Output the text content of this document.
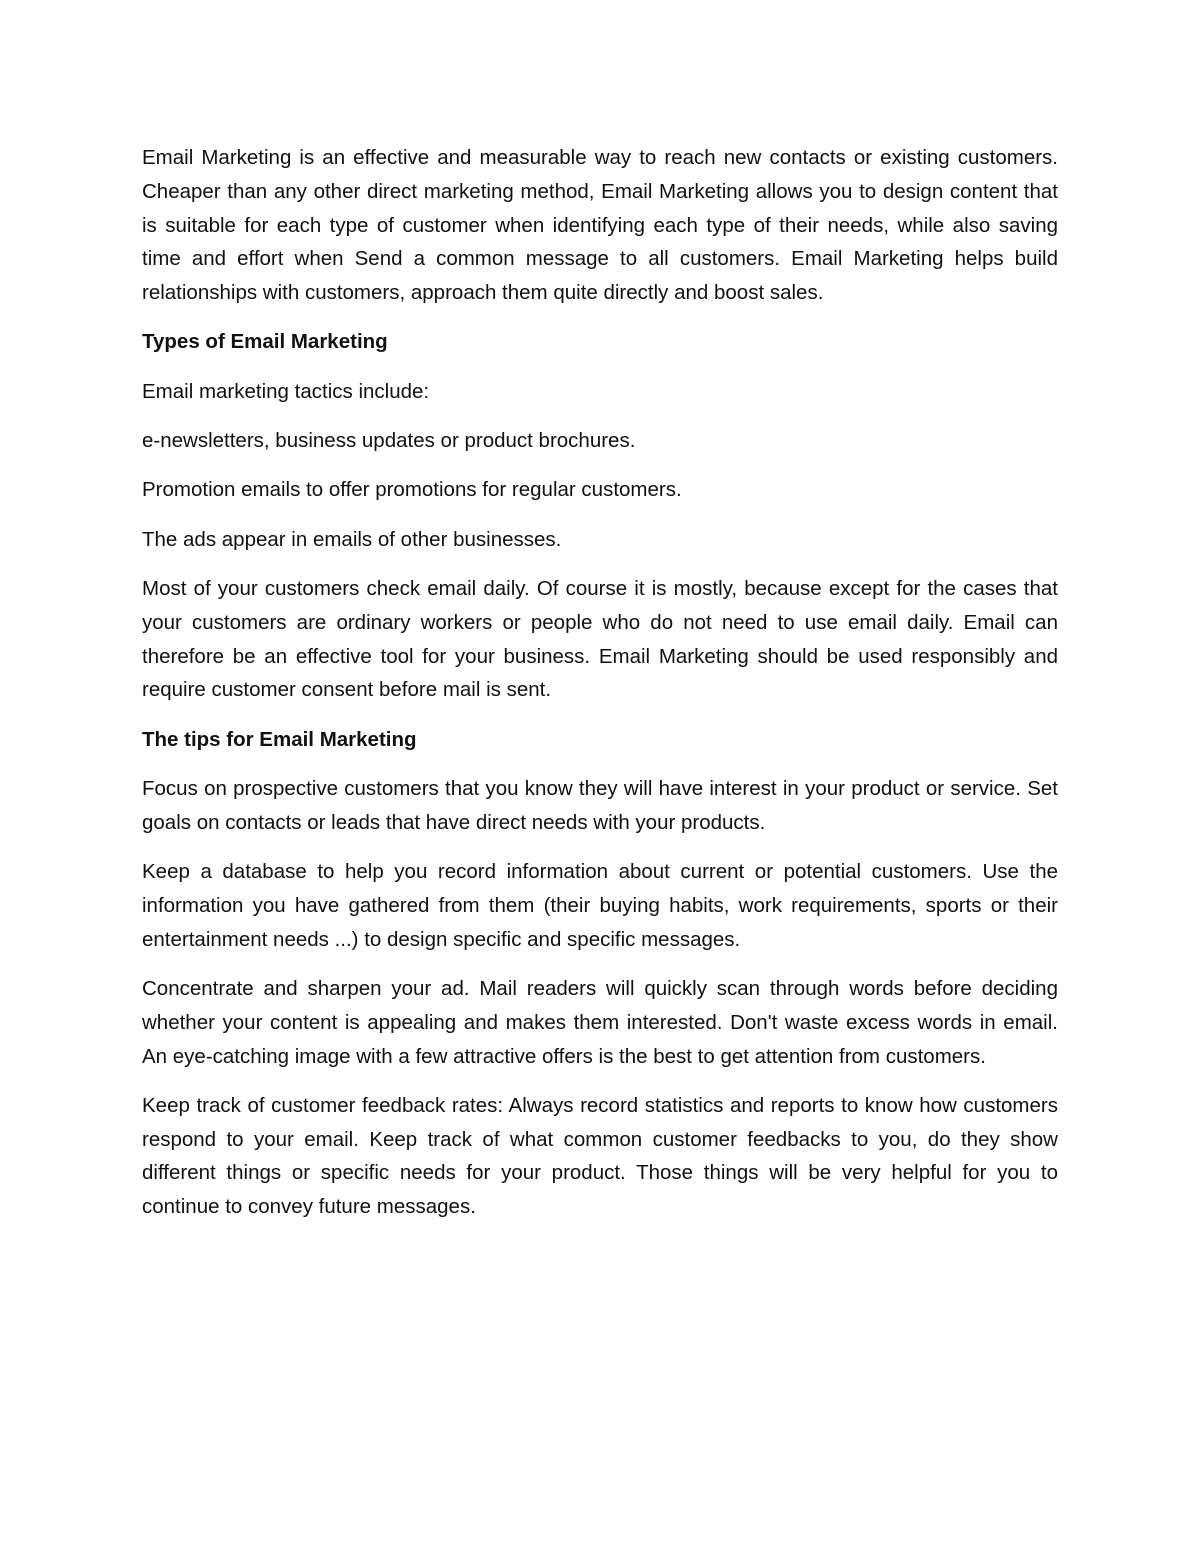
Email Marketing is an effective and measurable way to reach new contacts or existing customers. Cheaper than any other direct marketing method, Email Marketing allows you to design content that is suitable for each type of customer when identifying each type of their needs, while also saving time and effort when Send a common message to all customers. Email Marketing helps build relationships with customers, approach them quite directly and boost sales.

Types of Email Marketing

Email marketing tactics include:

e-newsletters, business updates or product brochures.

Promotion emails to offer promotions for regular customers.

The ads appear in emails of other businesses.

Most of your customers check email daily. Of course it is mostly, because except for the cases that your customers are ordinary workers or people who do not need to use email daily. Email can therefore be an effective tool for your business. Email Marketing should be used responsibly and require customer consent before mail is sent.

The tips for Email Marketing

Focus on prospective customers that you know they will have interest in your product or service. Set goals on contacts or leads that have direct needs with your products.

Keep a database to help you record information about current or potential customers. Use the information you have gathered from them (their buying habits, work requirements, sports or their entertainment needs ...) to design specific and specific messages.

Concentrate and sharpen your ad. Mail readers will quickly scan through words before deciding whether your content is appealing and makes them interested. Don't waste excess words in email. An eye-catching image with a few attractive offers is the best to get attention from customers.

Keep track of customer feedback rates: Always record statistics and reports to know how customers respond to your email. Keep track of what common customer feedbacks to you, do they show different things or specific needs for your product. Those things will be very helpful for you to continue to convey future messages.
